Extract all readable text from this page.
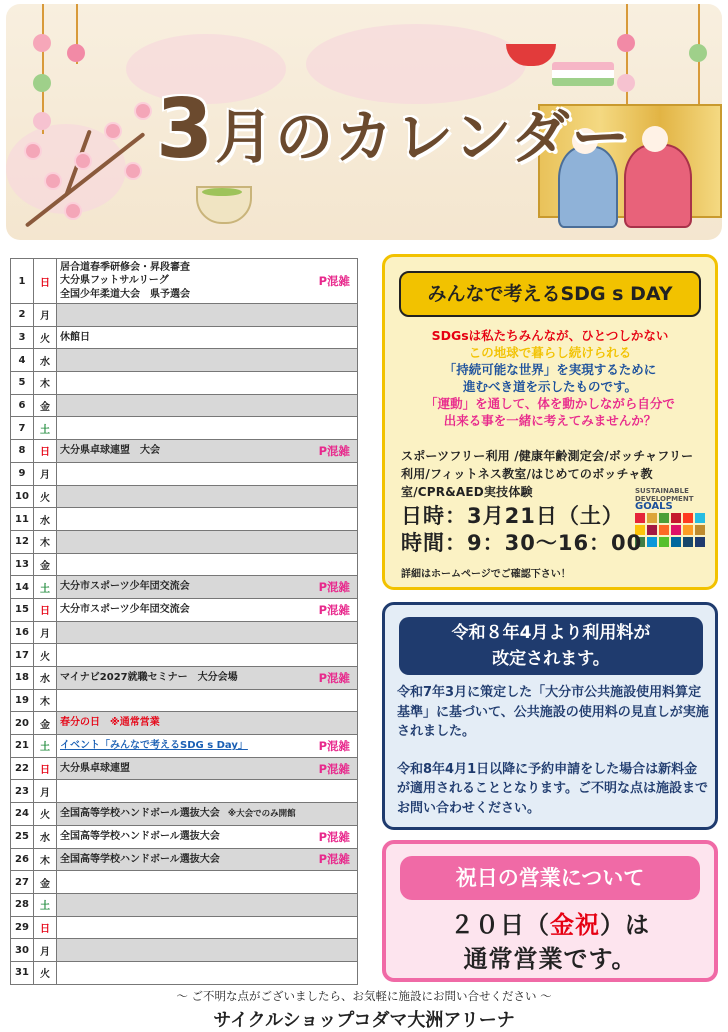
3月のカレンダー
1	日	居合道春季研修会・昇段審査
大分県フットサルリーグ
全国少年柔道大会　県予選会
P混雑

2	月	

3	火	休館日

4	水	

5	木	

6	金	

7	土	

8	日	大分県卓球連盟　大会 P混雑

9	月	

10	火	

11	水	

12	木	

13	金	

14	土	大分市スポーツ少年団交流会 P混雑

15	日	大分市スポーツ少年団交流会 P混雑

16	月	

17	火	

18	水	マイナビ2027就職セミナー　大分会場 P混雑

19	木	

20	金	春分の日　※通常営業

21	土	イベント「みんなで考えるSDG s Day」 P混雑

22	日	大分県卓球連盟 P混雑

23	月	

24	火	全国高等学校ハンドボール選抜大会 ※大会でのみ開館

25	水	全国高等学校ハンドボール選抜大会 P混雑

26	木	全国高等学校ハンドボール選抜大会 P混雑

27	金	

28	土	

29	日	

30	月	

31	火	
みんなで考えるSDG s DAY
SDGsは私たちみんなが、ひとつしかない
この地球で暮らし続けられる
「持続可能な世界」を実現するために
進むべき道を示したものです。
「運動」を通して、体を動かしながら自分で
出来る事を一緒に考えてみませんか？
スポーツフリー利用 /健康年齢測定会/ボッチャフリー利用/フィットネス教室/はじめてのボッチャ教室/CPR&AED実技体験	SUSTAINABLE
DEVELOPMENT GOALS
日時：3月21日（土）
時間：9：30〜16：00
詳細はホームページでご確認下さい！
令和８年4月より利用料が
改定されます。

令和7年3月に策定した「大分市公共施設使用料算定基準」に基づいて、公共施設の使用料の見直しが実施されました。

令和8年4月1日以降に予約申請をした場合は新料金が適用されることとなります。ご不明な点は施設までお問い合わせください。

祝日の営業について
２０日（金祝）は
通常営業です。
〜 ご不明な点がございましたら、お気軽に施設にお問い合せください 〜
サイクルショップコダマ大洲アリーナ
